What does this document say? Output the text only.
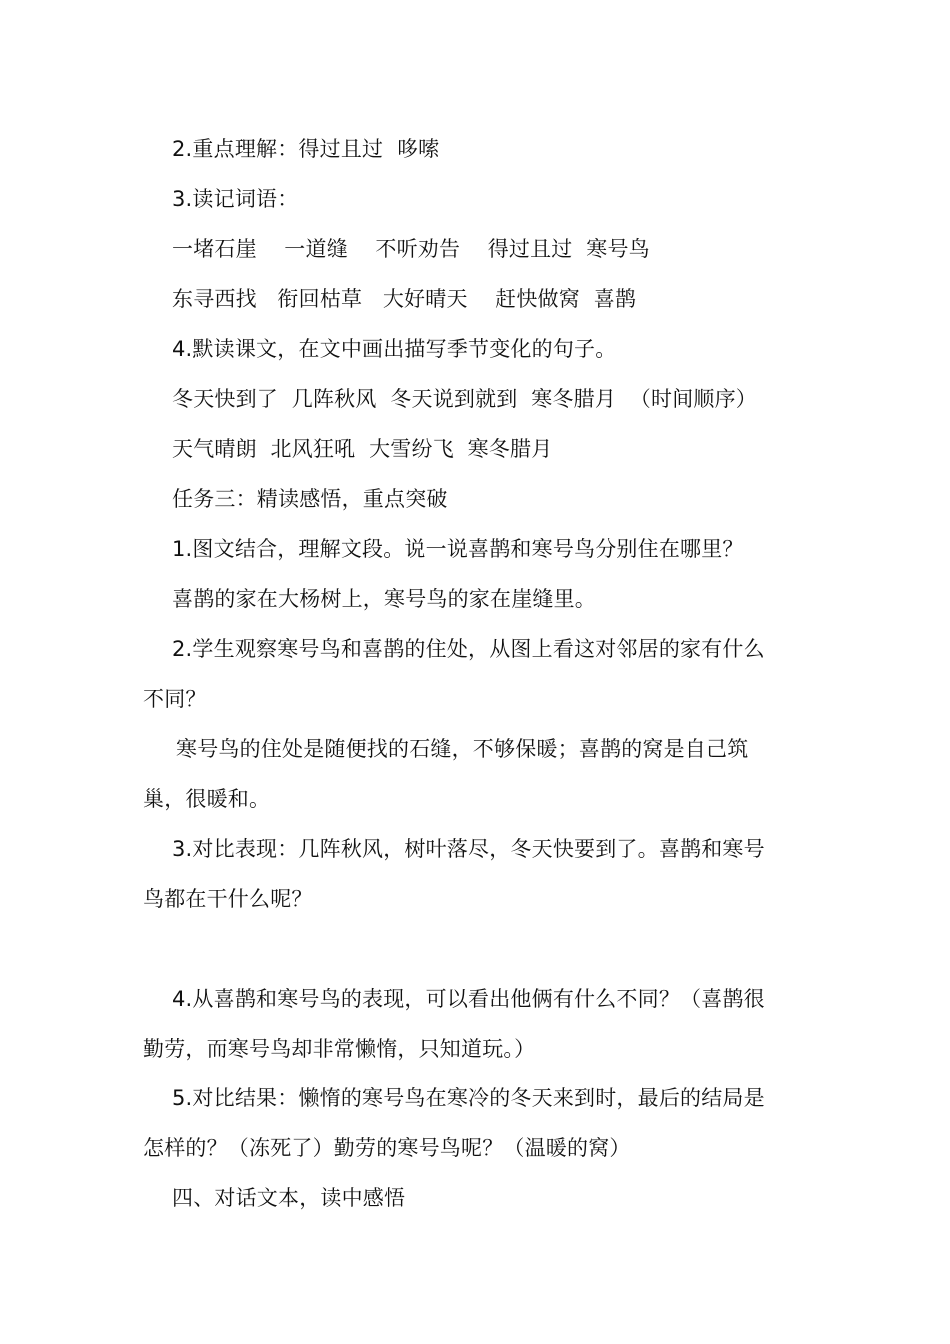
2.重点理解：得过且过  哆嗦
3.读记词语：
一堵石崖    一道缝    不听劝告    得过且过  寒号鸟
东寻西找   衔回枯草   大好晴天    赶快做窝  喜鹊
4.默读课文，在文中画出描写季节变化的句子。
冬天快到了  几阵秋风  冬天说到就到  寒冬腊月  （时间顺序）
天气晴朗  北风狂吼  大雪纷飞  寒冬腊月
任务三：精读感悟，重点突破
1.图文结合，理解文段。说一说喜鹊和寒号鸟分别住在哪里？
喜鹊的家在大杨树上，寒号鸟的家在崖缝里。
2.学生观察寒号鸟和喜鹊的住处，从图上看这对邻居的家有什么
不同？
寒号鸟的住处是随便找的石缝，不够保暖；喜鹊的窝是自己筑
巢，很暖和。
3.对比表现：几阵秋风，树叶落尽，冬天快要到了。喜鹊和寒号
鸟都在干什么呢？
4.从喜鹊和寒号鸟的表现，可以看出他俩有什么不同？（喜鹊很
勤劳，而寒号鸟却非常懒惰，只知道玩。）
5.对比结果：懒惰的寒号鸟在寒冷的冬天来到时，最后的结局是
怎样的？（冻死了）勤劳的寒号鸟呢？（温暖的窝）
四、对话文本，读中感悟
